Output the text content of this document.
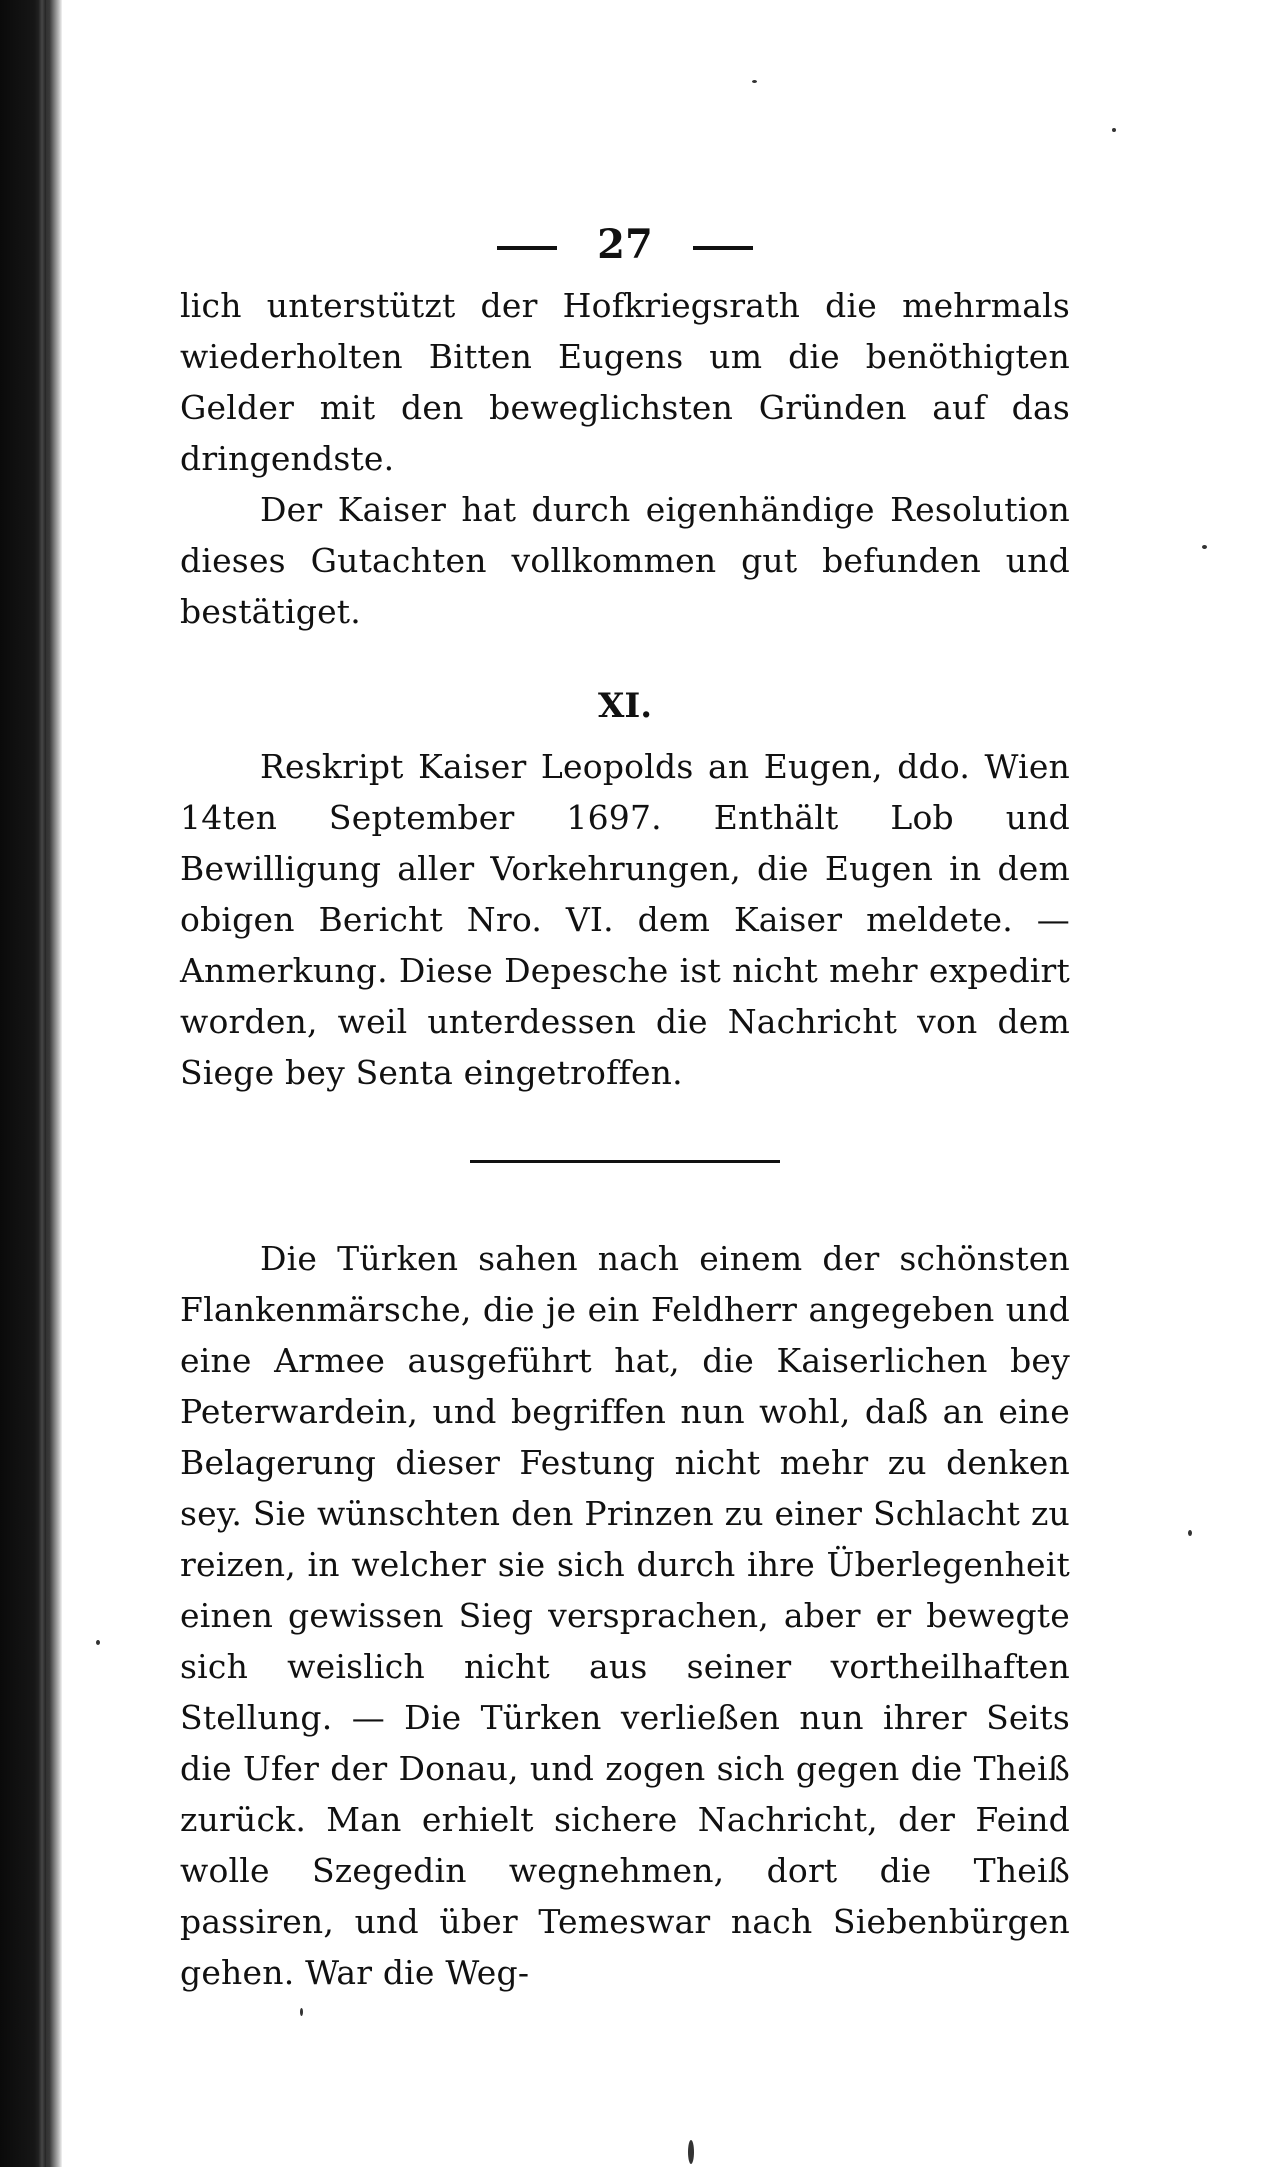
27

lich unterstützt der Hofkriegsrath die mehrmals wiederholten Bitten Eugens um die benöthigten Gelder mit den beweglichsten Gründen auf das dringendste.

Der Kaiser hat durch eigenhändige Resolution dieses Gutachten vollkommen gut befunden und bestätiget.

XI.

Reskript Kaiser Leopolds an Eugen, ddo. Wien 14ten September 1697. Enthält Lob und Bewilligung aller Vorkehrungen, die Eugen in dem obigen Bericht Nro. VI. dem Kaiser meldete. — Anmerkung. Diese Depesche ist nicht mehr expedirt worden, weil unterdessen die Nachricht von dem Siege bey Senta eingetroffen.

Die Türken sahen nach einem der schönsten Flankenmärsche, die je ein Feldherr angegeben und eine Armee ausgeführt hat, die Kaiserlichen bey Peterwardein, und begriffen nun wohl, daß an eine Belagerung dieser Festung nicht mehr zu denken sey. Sie wünschten den Prinzen zu einer Schlacht zu reizen, in welcher sie sich durch ihre Überlegenheit einen gewissen Sieg versprachen, aber er bewegte sich weislich nicht aus seiner vortheilhaften Stellung. — Die Türken verließen nun ihrer Seits die Ufer der Donau, und zogen sich gegen die Theiß zurück. Man erhielt sichere Nachricht, der Feind wolle Szegedin wegnehmen, dort die Theiß passiren, und über Temeswar nach Siebenbürgen gehen. War die Weg-
